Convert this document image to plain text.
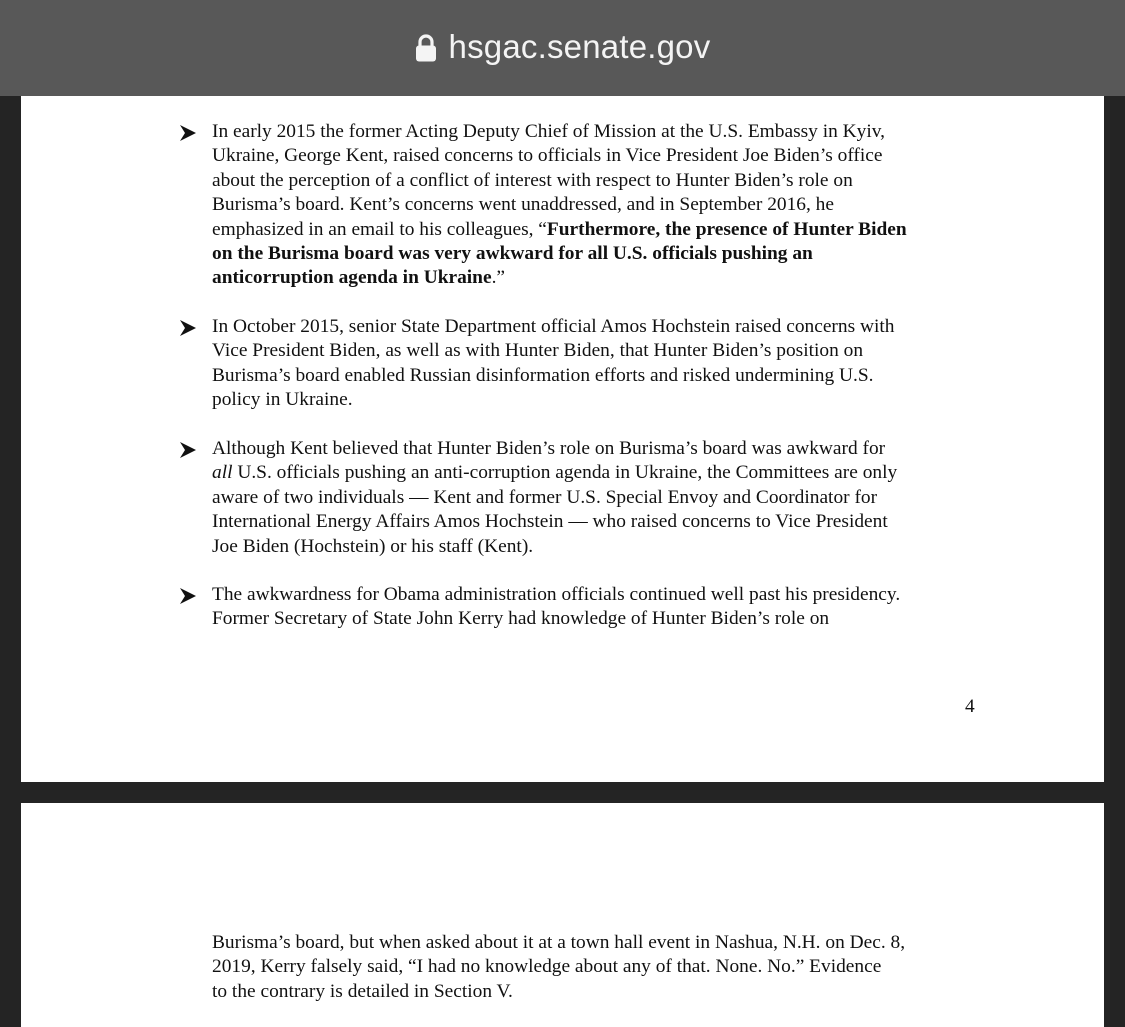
hsgac.senate.gov
In early 2015 the former Acting Deputy Chief of Mission at the U.S. Embassy in Kyiv,
Ukraine, George Kent, raised concerns to officials in Vice President Joe Biden’s office
about the perception of a conflict of interest with respect to Hunter Biden’s role on
Burisma’s board. Kent’s concerns went unaddressed, and in September 2016, he
emphasized in an email to his colleagues, “Furthermore, the presence of Hunter Biden
on the Burisma board was very awkward for all U.S. officials pushing an
anticorruption agenda in Ukraine.”
In October 2015, senior State Department official Amos Hochstein raised concerns with
Vice President Biden, as well as with Hunter Biden, that Hunter Biden’s position on
Burisma’s board enabled Russian disinformation efforts and risked undermining U.S.
policy in Ukraine.
Although Kent believed that Hunter Biden’s role on Burisma’s board was awkward for
all U.S. officials pushing an anti-corruption agenda in Ukraine, the Committees are only
aware of two individuals — Kent and former U.S. Special Envoy and Coordinator for
International Energy Affairs Amos Hochstein — who raised concerns to Vice President
Joe Biden (Hochstein) or his staff (Kent).
The awkwardness for Obama administration officials continued well past his presidency.
Former Secretary of State John Kerry had knowledge of Hunter Biden’s role on
4
Burisma’s board, but when asked about it at a town hall event in Nashua, N.H. on Dec. 8,
2019, Kerry falsely said, “I had no knowledge about any of that. None. No.” Evidence
to the contrary is detailed in Section V.
